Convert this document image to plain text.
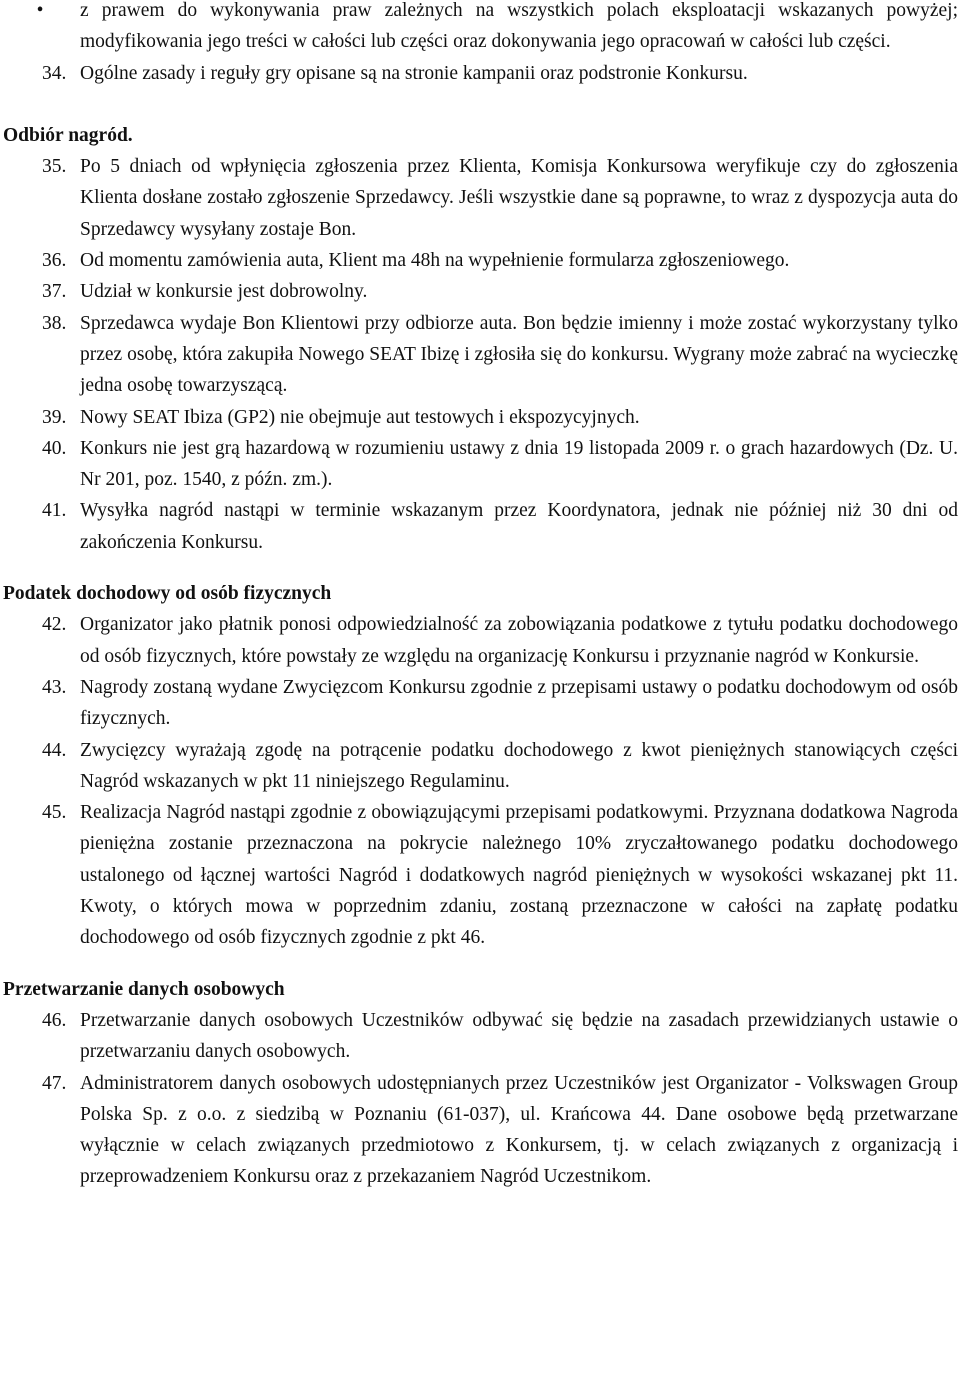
•	z prawem do wykonywania praw zależnych na wszystkich polach eksploatacji wskazanych powyżej; modyfikowania jego treści w całości lub części oraz dokonywania jego opracowań w całości lub części.
34. Ogólne zasady i reguły gry opisane są na stronie kampanii oraz podstronie Konkursu.
Odbiór nagród.
35. Po 5 dniach od wpłynięcia zgłoszenia przez Klienta, Komisja Konkursowa weryfikuje czy do zgłoszenia Klienta dosłane zostało zgłoszenie Sprzedawcy. Jeśli wszystkie dane są poprawne, to wraz z dyspozycja auta do Sprzedawcy wysyłany zostaje Bon.
36. Od momentu zamówienia auta, Klient ma 48h na wypełnienie formularza zgłoszeniowego.
37. Udział w konkursie jest dobrowolny.
38. Sprzedawca wydaje Bon Klientowi przy odbiorze auta. Bon będzie imienny i może zostać wykorzystany tylko przez osobę, która zakupiła Nowego SEAT Ibizę i zgłosiła się do konkursu. Wygrany może zabrać na wycieczkę jedna osobę towarzyszącą.
39. Nowy SEAT Ibiza (GP2) nie obejmuje aut testowych i ekspozycyjnych.
40. Konkurs nie jest grą hazardową w rozumieniu ustawy z dnia 19 listopada 2009 r. o grach hazardowych (Dz. U. Nr 201, poz. 1540, z późn. zm.).
41. Wysyłka nagród nastąpi w terminie wskazanym przez Koordynatora, jednak nie później niż 30 dni od zakończenia Konkursu.
Podatek dochodowy od osób fizycznych
42. Organizator jako płatnik ponosi odpowiedzialność za zobowiązania podatkowe z tytułu podatku dochodowego od osób fizycznych, które powstały ze względu na organizację Konkursu i przyznanie nagród w Konkursie.
43. Nagrody zostaną wydane Zwycięzcom Konkursu zgodnie z przepisami ustawy o podatku dochodowym od osób fizycznych.
44. Zwycięzcy wyrażają zgodę na potrącenie podatku dochodowego z kwot pieniężnych stanowiących części Nagród wskazanych w pkt 11 niniejszego Regulaminu.
45. Realizacja Nagród nastąpi zgodnie z obowiązującymi przepisami podatkowymi. Przyznana dodatkowa Nagroda pieniężna zostanie przeznaczona na pokrycie należnego 10% zryczałtowanego podatku dochodowego ustalonego od łącznej wartości Nagród i dodatkowych nagród pieniężnych w wysokości wskazanej pkt 11. Kwoty, o których mowa w poprzednim zdaniu, zostaną przeznaczone w całości na zapłatę podatku dochodowego od osób fizycznych zgodnie z pkt 46.
Przetwarzanie danych osobowych
46. Przetwarzanie danych osobowych Uczestników odbywać się będzie na zasadach przewidzianych ustawie o przetwarzaniu danych osobowych.
47. Administratorem danych osobowych udostępnianych przez Uczestników jest Organizator - Volkswagen Group Polska Sp. z o.o. z siedzibą w Poznaniu (61-037), ul. Krańcowa 44. Dane osobowe będą przetwarzane wyłącznie w celach związanych przedmiotowo z Konkursem, tj. w celach związanych z organizacją i przeprowadzeniem Konkursu oraz z przekazaniem Nagród Uczestnikom.
